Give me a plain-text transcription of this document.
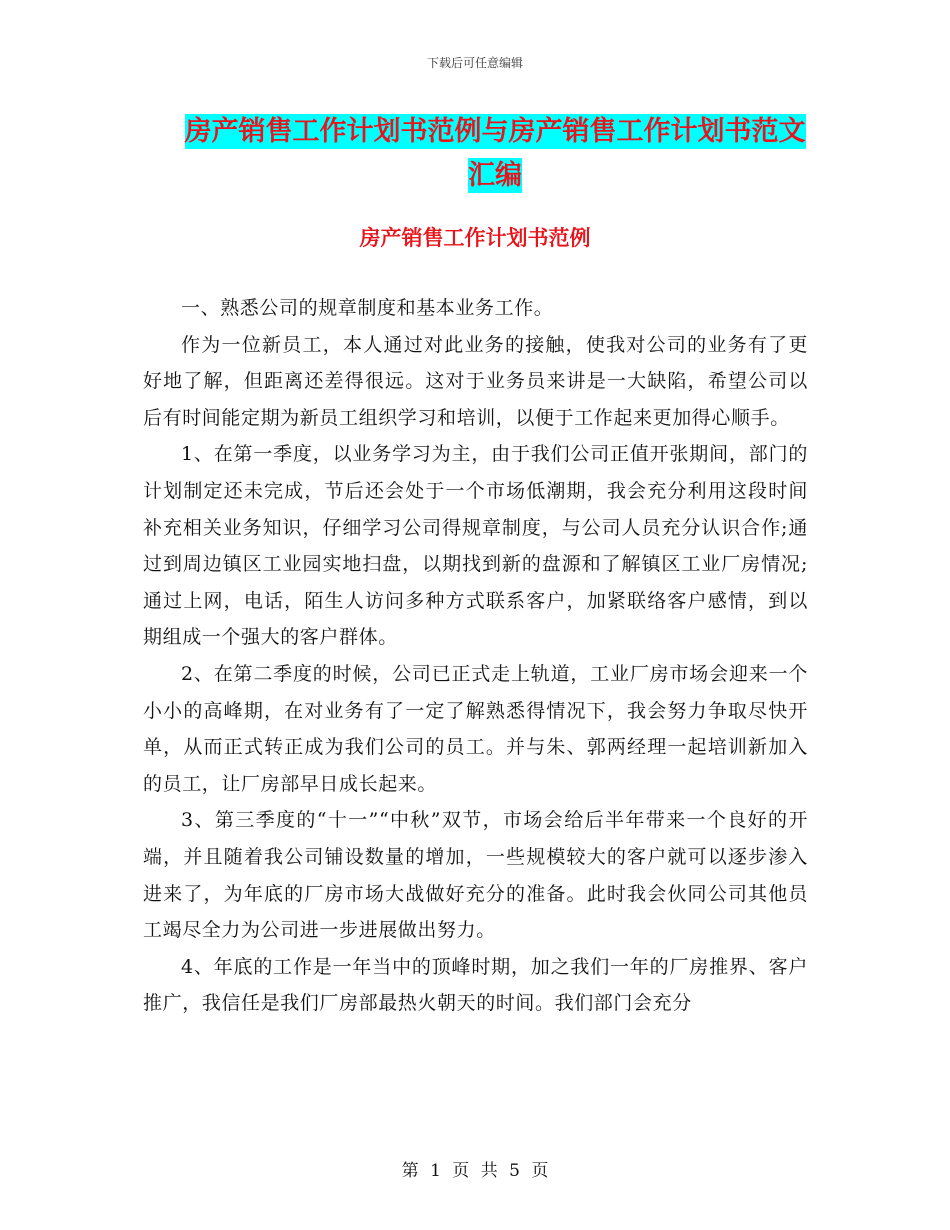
下载后可任意编辑
房产销售工作计划书范例与房产销售工作计划书范文
汇编
房产销售工作计划书范例

一、熟悉公司的规章制度和基本业务工作。

作为一位新员工，本人通过对此业务的接触，使我对公司的业务有了更好地了解，但距离还差得很远。这对于业务员来讲是一大缺陷，希望公司以后有时间能定期为新员工组织学习和培训，以便于工作起来更加得心顺手。

1、在第一季度，以业务学习为主，由于我们公司正值开张期间，部门的计划制定还未完成，节后还会处于一个市场低潮期，我会充分利用这段时间补充相关业务知识，仔细学习公司得规章制度，与公司人员充分认识合作;通过到周边镇区工业园实地扫盘，以期找到新的盘源和了解镇区工业厂房情况;通过上网，电话，陌生人访问多种方式联系客户，加紧联络客户感情，到以期组成一个强大的客户群体。

2、在第二季度的时候，公司已正式走上轨道，工业厂房市场会迎来一个小小的高峰期，在对业务有了一定了解熟悉得情况下，我会努力争取尽快开单，从而正式转正成为我们公司的员工。并与朱、郭两经理一起培训新加入的员工，让厂房部早日成长起来。

3、第三季度的“十一”“中秋”双节，市场会给后半年带来一个良好的开端，并且随着我公司铺设数量的增加，一些规模较大的客户就可以逐步渗入进来了，为年底的厂房市场大战做好充分的准备。此时我会伙同公司其他员工竭尽全力为公司进一步进展做出努力。

4、年底的工作是一年当中的顶峰时期，加之我们一年的厂房推界、客户推广，我信任是我们厂房部最热火朝天的时间。我们部门会充分

第 1 页 共 5 页
